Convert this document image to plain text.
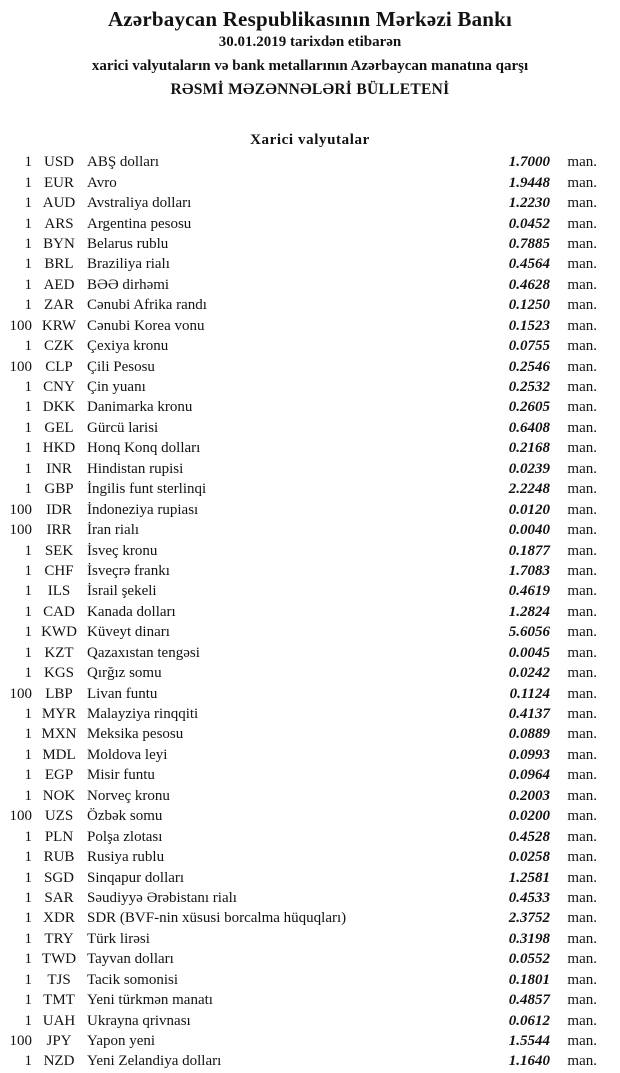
Azərbaycan Respublikasının Mərkəzi Bankı
30.01.2019 tarixdən etibarən
xarici valyutaların və bank metallarının Azərbaycan manatına qarşı
RƏSMİ MƏZƏNNƏLƏRİ BÜLLETENİ
Xarici valyutalar
1 USD ABŞ dolları	1.7000	man.
1 EUR Avro	1.9448	man.
1 AUD Avstraliya dolları	1.2230	man.
1 ARS Argentina pesosu	0.0452	man.
1 BYN Belarus rublu	0.7885	man.
1 BRL Braziliya rialı	0.4564	man.
1 AED BƏƏ dirhəmi	0.4628	man.
1 ZAR Cənubi Afrika randı	0.1250	man.
100 KRW Cənubi Korea vonu	0.1523	man.
1 CZK Çexiya kronu	0.0755	man.
100 CLP Çili Pesosu	0.2546	man.
1 CNY Çin yuanı	0.2532	man.
1 DKK Danimarka kronu	0.2605	man.
1 GEL Gürcü larisi	0.6408	man.
1 HKD Honq Konq dolları	0.2168	man.
1 INR	Hindistan rupisi	0.0239	man.
1 GBP İngilis funt sterlinqi	2.2248	man.
100 IDR	İndoneziya rupiası	0.0120	man.
100 IRR	İran rialı	0.0040	man.
1 SEK İsveç kronu	0.1877	man.
1 CHF İsveçrə frankı	1.7083	man.
1	ILS	İsrail şekeli	0.4619	man.
1 CAD Kanada dolları	1.2824	man.
1 KWD Küveyt dinarı	5.6056	man.
1 KZT Qazaxıstan tengəsi	0.0045	man.
1 KGS Qırğız somu	0.0242	man.
100 LBP Livan funtu	0.1124	man.
1 MYR Malayziya rinqqiti	0.4137	man.
1 MXN Meksika pesosu	0.0889	man.
1 MDL Moldova leyi	0.0993	man.
1 EGP Misir funtu	0.0964	man.
1 NOK Norveç kronu	0.2003	man.
100 UZS Özbək somu	0.0200	man.
1 PLN Polşa zlotası	0.4528	man.
1 RUB Rusiya rublu	0.0258	man.
1 SGD Sinqapur dolları	1.2581	man.
1 SAR Səudiyyə Ərəbistanı rialı	0.4533	man.
1 XDR SDR (BVF-nin xüsusi borcalma hüquqları)	2.3752	man.
1 TRY Türk lirəsi	0.3198	man.
1 TWD Tayvan dolları	0.0552	man.
1	TJS	Tacik somonisi	0.1801	man.
1 TMT Yeni türkmən manatı	0.4857	man.
1 UAH Ukrayna qrivnası	0.0612	man.
100 JPY	Yapon yeni	1.5544	man.
1 NZD Yeni Zelandiya dolları	1.1640	man.
